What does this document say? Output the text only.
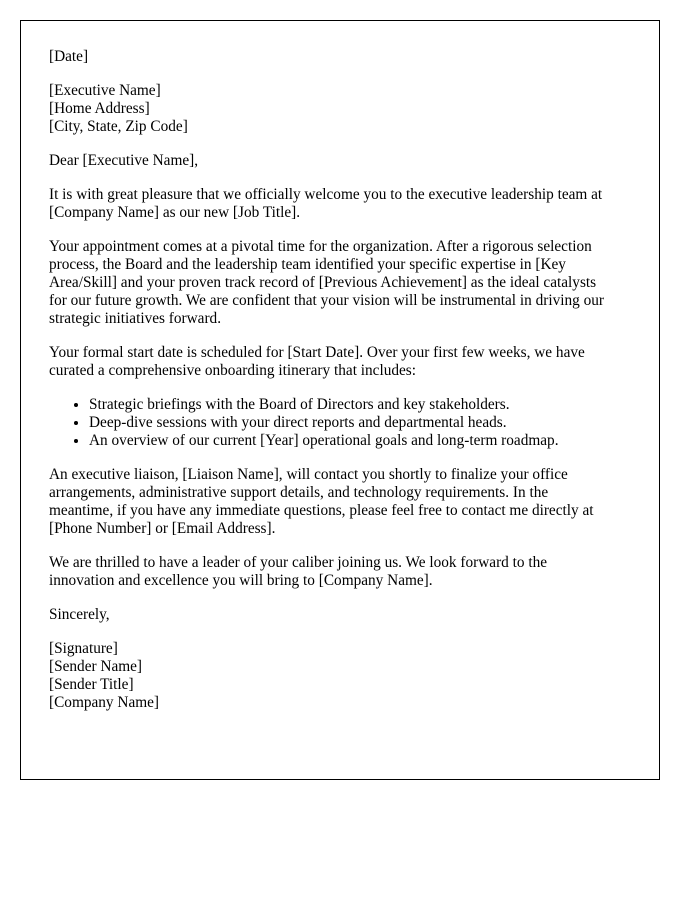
[Date]
[Executive Name]
[Home Address]
[City, State, Zip Code]
Dear [Executive Name],
It is with great pleasure that we officially welcome you to the executive leadership team at
[Company Name] as our new [Job Title].
Your appointment comes at a pivotal time for the organization. After a rigorous selection
process, the Board and the leadership team identified your specific expertise in [Key
Area/Skill] and your proven track record of [Previous Achievement] as the ideal catalysts
for our future growth. We are confident that your vision will be instrumental in driving our
strategic initiatives forward.
Your formal start date is scheduled for [Start Date]. Over your first few weeks, we have
curated a comprehensive onboarding itinerary that includes:
• Strategic briefings with the Board of Directors and key stakeholders.
• Deep-dive sessions with your direct reports and departmental heads.
• An overview of our current [Year] operational goals and long-term roadmap.
An executive liaison, [Liaison Name], will contact you shortly to finalize your office
arrangements, administrative support details, and technology requirements. In the
meantime, if you have any immediate questions, please feel free to contact me directly at
[Phone Number] or [Email Address].
We are thrilled to have a leader of your caliber joining us. We look forward to the
innovation and excellence you will bring to [Company Name].
Sincerely,
[Signature]
[Sender Name]
[Sender Title]
[Company Name]
